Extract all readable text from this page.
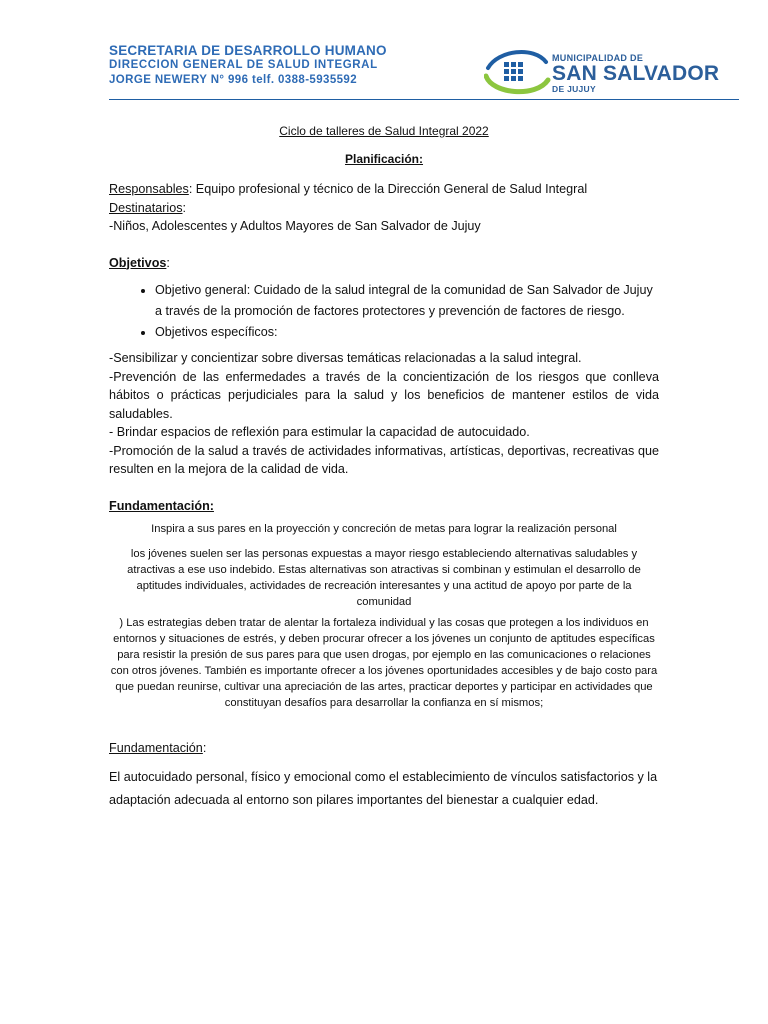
SECRETARIA DE DESARROLLO HUMANO
DIRECCION GENERAL DE SALUD INTEGRAL
JORGE NEWERY N° 996 telf. 0388-5935592
MUNICIPALIDAD DE
SAN SALVADOR
DE JUJUY
Ciclo de talleres de Salud Integral 2022
Planificación:

Responsables: Equipo profesional y técnico de la Dirección General de Salud Integral

Destinatarios:

-Niños, Adolescentes y Adultos Mayores de San Salvador de Jujuy

Objetivos:

• Objetivo general: Cuidado de la salud integral de la comunidad de San Salvador de Jujuy a través de la promoción de factores protectores y prevención de factores de riesgo.
• Objetivos específicos:

-Sensibilizar y concientizar sobre diversas temáticas relacionadas a la salud integral.

-Prevención de las enfermedades a través de la concientización de los riesgos que conlleva hábitos o prácticas perjudiciales para la salud y los beneficios de mantener estilos de vida saludables.

- Brindar espacios de reflexión para estimular la capacidad de autocuidado.

-Promoción de la salud a través de actividades informativas, artísticas, deportivas, recreativas que resulten en la mejora de la calidad de vida.

Fundamentación:

Inspira a sus pares en la proyección y concreción de metas para lograr la realización personal

los jóvenes suelen ser las personas expuestas a mayor riesgo estableciendo alternativas saludables y atractivas a ese uso indebido. Estas alternativas son atractivas si combinan y estimulan el desarrollo de aptitudes individuales, actividades de recreación interesantes y una actitud de apoyo por parte de la comunidad

) Las estrategias deben tratar de alentar la fortaleza individual y las cosas que protegen a los individuos en entornos y situaciones de estrés, y deben procurar ofrecer a los jóvenes un conjunto de aptitudes específicas para resistir la presión de sus pares para que usen drogas, por ejemplo en las comunicaciones o relaciones con otros jóvenes. También es importante ofrecer a los jóvenes oportunidades accesibles y de bajo costo para que puedan reunirse, cultivar una apreciación de las artes, practicar deportes y participar en actividades que constituyan desafíos para desarrollar la confianza en sí mismos;

Fundamentación:

El autocuidado personal, físico y emocional como el establecimiento de vínculos satisfactorios y la adaptación adecuada al entorno son pilares importantes del bienestar a cualquier edad.
